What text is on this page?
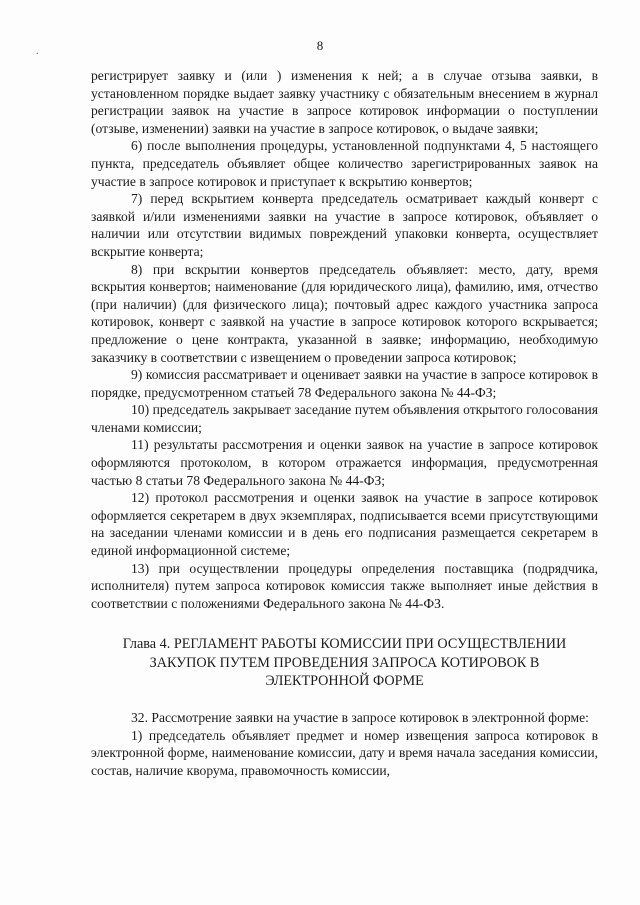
8
.

регистрирует заявку и (или ) изменения к ней; а в случае отзыва заявки, в установленном порядке выдает заявку участнику с обязательным внесением в журнал регистрации заявок на участие в запросе котировок информации о поступлении (отзыве, изменении) заявки на участие в запросе котировок, о выдаче заявки;

6) после выполнения процедуры, установленной подпунктами 4, 5 настоящего пункта, председатель объявляет общее количество зарегистрированных заявок на участие в запросе котировок и приступает к вскрытию конвертов;

7) перед вскрытием конверта председатель осматривает каждый конверт с заявкой и/или изменениями заявки на участие в запросе котировок, объявляет о наличии или отсутствии видимых повреждений упаковки конверта, осуществляет вскрытие конверта;

8) при вскрытии конвертов председатель объявляет: место, дату, время вскрытия конвертов; наименование (для юридического лица), фамилию, имя, отчество (при наличии) (для физического лица); почтовый адрес каждого участника запроса котировок, конверт с заявкой на участие в запросе котировок которого вскрывается; предложение о цене контракта, указанной в заявке; информацию, необходимую заказчику в соответствии с извещением о проведении запроса котировок;

9) комиссия рассматривает и оценивает заявки на участие в запросе котировок в порядке, предусмотренном статьей 78 Федерального закона № 44-ФЗ;

10) председатель закрывает заседание путем объявления открытого голосования членами комиссии;

11) результаты рассмотрения и оценки заявок на участие в запросе котировок оформляются протоколом, в котором отражается информация, предусмотренная частью 8 статьи 78 Федерального закона № 44-ФЗ;

12) протокол рассмотрения и оценки заявок на участие в запросе котировок оформляется секретарем в двух экземплярах, подписывается всеми присутствующими на заседании членами комиссии и в день его подписания размещается секретарем в единой информационной системе;

13) при осуществлении процедуры определения поставщика (подрядчика, исполнителя) путем запроса котировок комиссия также выполняет иные действия в соответствии с положениями Федерального закона № 44-ФЗ.

Глава 4. РЕГЛАМЕНТ РАБОТЫ КОМИССИИ ПРИ ОСУЩЕСТВЛЕНИИ ЗАКУПОК ПУТЕМ ПРОВЕДЕНИЯ ЗАПРОСА КОТИРОВОК В ЭЛЕКТРОННОЙ ФОРМЕ

32. Рассмотрение заявки на участие в запросе котировок в электронной форме:

1) председатель объявляет предмет и номер извещения запроса котировок в электронной форме, наименование комиссии, дату и время начала заседания комиссии, состав, наличие кворума, правомочность комиссии,
